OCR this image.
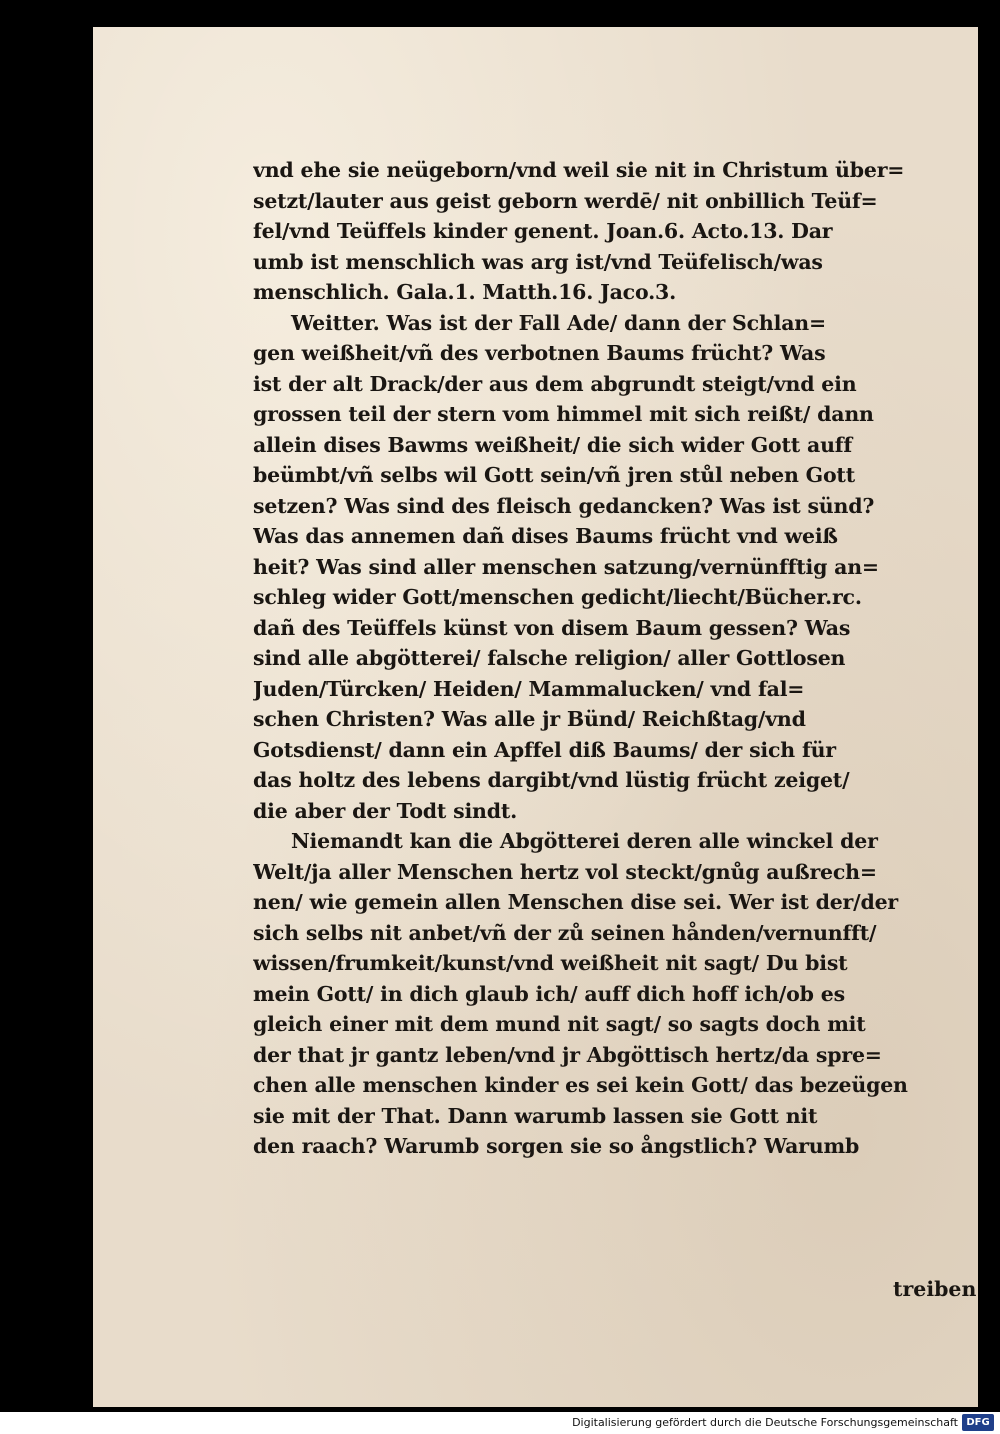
vnd ehe sie neügeborn/vnd weil sie nit in Christum über=
setzt/lauter aus geist geborn werdē/ nit onbillich Teüf=
fel/vnd Teüffels kinder genent. Joan.6. Acto.13. Dar
umb ist menschlich was arg ist/vnd Teüfelisch/was
menschlich. Gala.1. Matth.16. Jaco.3.
Weitter. Was ist der Fall Ade/ dann der Schlan=
gen weißheit/vñ des verbotnen Baums frücht? Was
ist der alt Drack/der aus dem abgrundt steigt/vnd ein
grossen teil der stern vom himmel mit sich reißt/ dann
allein dises Bawms weißheit/ die sich wider Gott auff
beümbt/vñ selbs wil Gott sein/vñ jren stůl neben Gott
setzen? Was sind des fleisch gedancken? Was ist sünd?
Was das annemen dañ dises Baums frücht vnd weiß
heit? Was sind aller menschen satzung/vernünfftig an=
schleg wider Gott/menschen gedicht/liecht/Bücher.rc.
dañ des Teüffels künst von disem Baum gessen? Was
sind alle abgötterei/ falsche religion/ aller Gottlosen
Juden/Türcken/ Heiden/ Mammalucken/ vnd fal=
schen Christen? Was alle jr Bünd/ Reichßtag/vnd
Gotsdienst/ dann ein Apffel diß Baums/ der sich für
das holtz des lebens dargibt/vnd lüstig frücht zeiget/
die aber der Todt sindt.
Niemandt kan die Abgötterei deren alle winckel der
Welt/ja aller Menschen hertz vol steckt/gnůg außrech=
nen/ wie gemein allen Menschen dise sei. Wer ist der/der
sich selbs nit anbet/vñ der zů seinen hånden/vernunfft/
wissen/frumkeit/kunst/vnd weißheit nit sagt/ Du bist
mein Gott/ in dich glaub ich/ auff dich hoff ich/ob es
gleich einer mit dem mund nit sagt/ so sagts doch mit
der that jr gantz leben/vnd jr Abgöttisch hertz/da spre=
chen alle menschen kinder es sei kein Gott/ das bezeügen
sie mit der That. Dann warumb lassen sie Gott nit
den raach? Warumb sorgen sie so ångstlich? Warumb
treiben
Digitalisierung gefördert durch die Deutsche Forschungsgemeinschaft DFG
